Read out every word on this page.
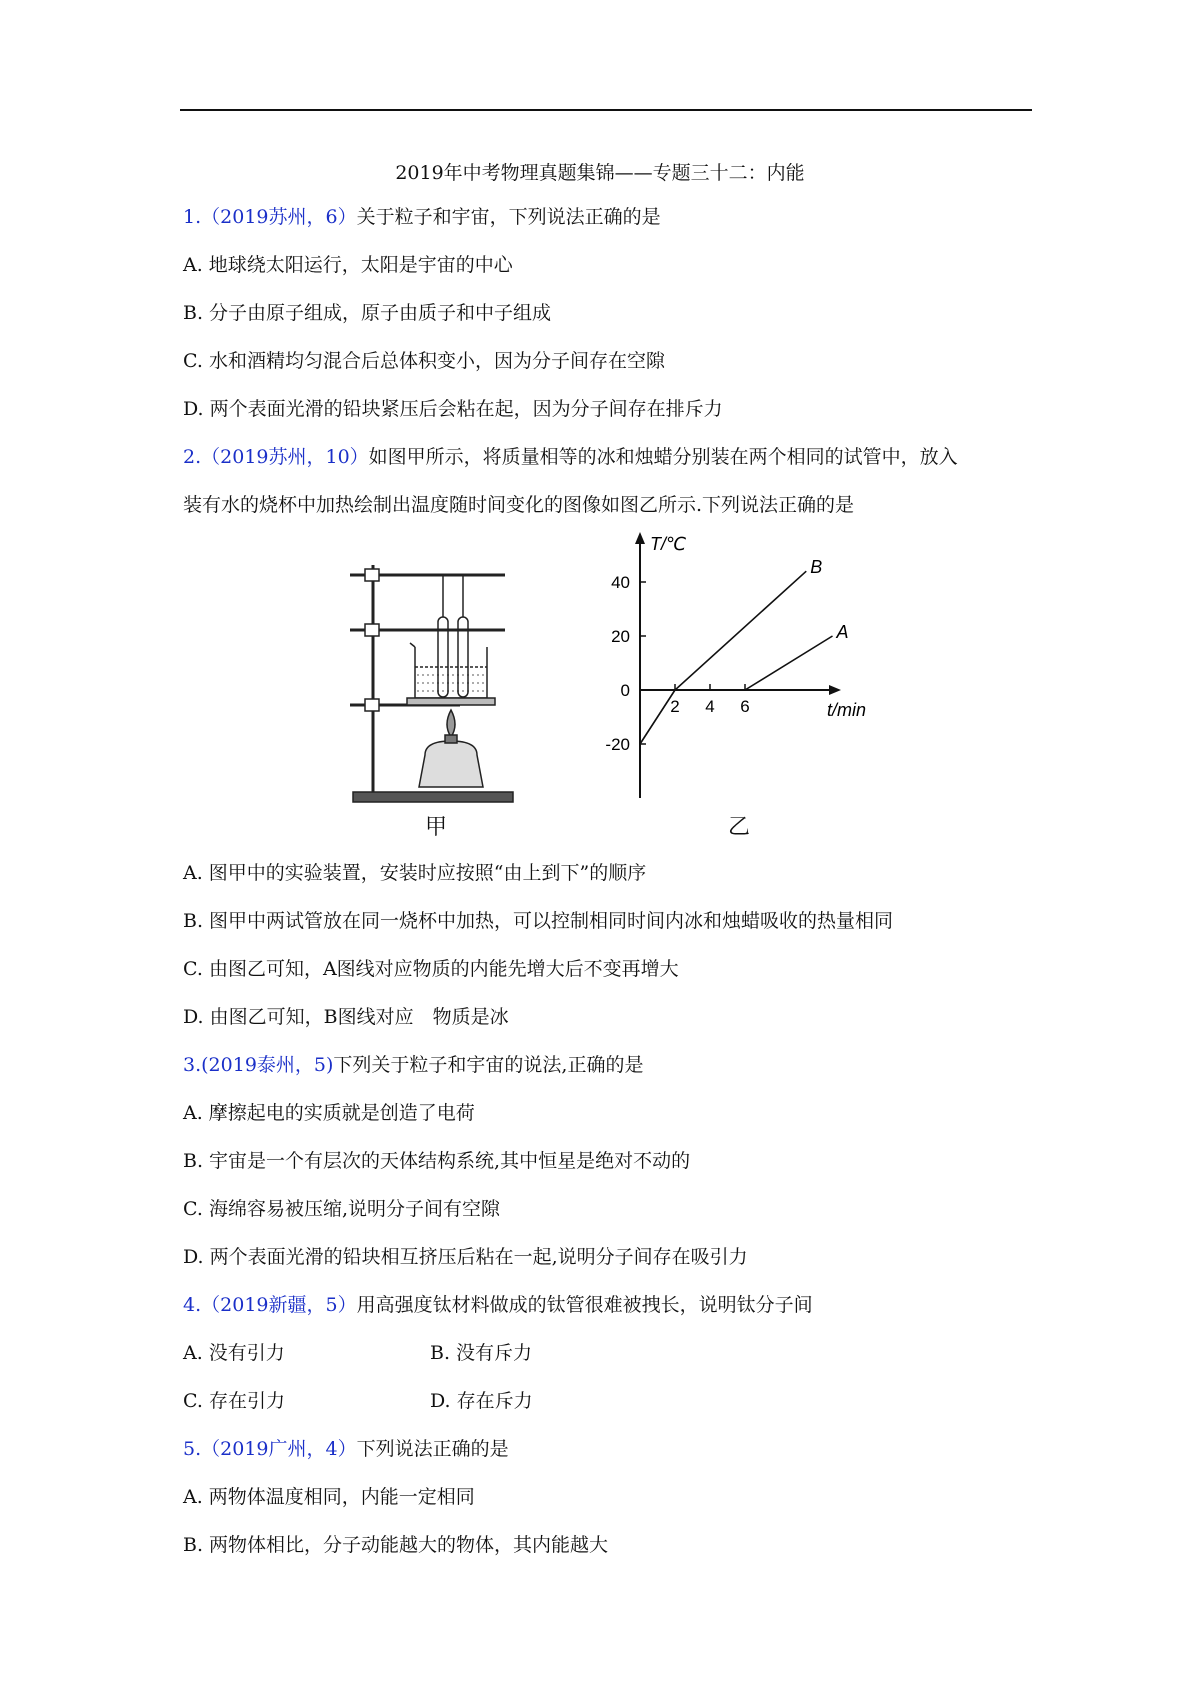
2019年中考物理真题集锦——专题三十二：内能
1.（2019苏州，6）关于粒子和宇宙，下列说法正确的是
A. 地球绕太阳运行，太阳是宇宙的中心
B. 分子由原子组成，原子由质子和中子组成
C. 水和酒精均匀混合后总体积变小，因为分子间存在空隙
D. 两个表面光滑的铅块紧压后会粘在起，因为分子间存在排斥力
2.（2019苏州，10）如图甲所示，将质量相等的冰和烛蜡分别装在两个相同的试管中，放入
装有水的烧杯中加热绘制出温度随时间变化的图像如图乙所示.下列说法正确的是
甲
T/℃
t/min
40
20
0
-20
2 4 6
A
B
乙
A. 图甲中的实验装置，安装时应按照“由上到下”的顺序
B. 图甲中两试管放在同一烧杯中加热，可以控制相同时间内冰和烛蜡吸收的热量相同
C. 由图乙可知，A图线对应物质的内能先增大后不变再增大
D. 由图乙可知，B图线对应　物质是冰
3.(2019泰州，5)下列关于粒子和宇宙的说法,正确的是
A. 摩擦起电的实质就是创造了电荷
B. 宇宙是一个有层次的天体结构系统,其中恒星是绝对不动的
C. 海绵容易被压缩,说明分子间有空隙
D. 两个表面光滑的铅块相互挤压后粘在一起,说明分子间存在吸引力
4.（2019新疆，5）用高强度钛材料做成的钛管很难被拽长，说明钛分子间
A. 没有引力	B. 没有斥力
C. 存在引力	D. 存在斥力
5.（2019广州，4）下列说法正确的是
A. 两物体温度相同，内能一定相同
B. 两物体相比，分子动能越大的物体，其内能越大
